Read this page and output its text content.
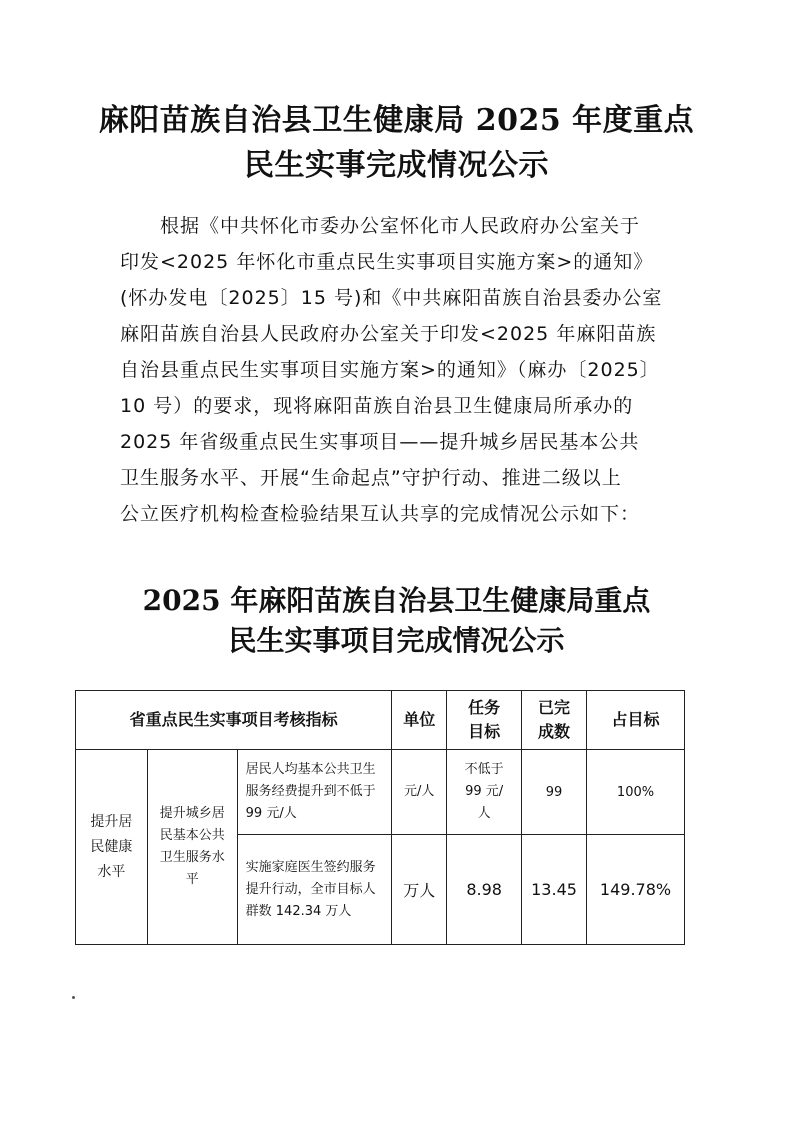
麻阳苗族自治县卫生健康局 2025 年度重点
民生实事完成情况公示
根据《中共怀化市委办公室怀化市人民政府办公室关于
印发<2025 年怀化市重点民生实事项目实施方案>的通知》
(怀办发电〔2025〕15 号)和《中共麻阳苗族自治县委办公室
麻阳苗族自治县人民政府办公室关于印发<2025 年麻阳苗族
自治县重点民生实事项目实施方案>的通知》（麻办〔2025〕
10 号）的要求，现将麻阳苗族自治县卫生健康局所承办的
2025 年省级重点民生实事项目——提升城乡居民基本公共
卫生服务水平、开展“生命起点”守护行动、推进二级以上
公立医疗机构检查检验结果互认共享的完成情况公示如下：
2025 年麻阳苗族自治县卫生健康局重点
民生实事项目完成情况公示
省重点民生实事项目考核指标			单位	任务目标	已完成数	占目标
提升居民健康水平	提升城乡居民基本公共卫生服务水平	居民人均基本公共卫生服务经费提升到不低于 99 元/人	元/人	不低于 99 元/人	99	100%
		实施家庭医生签约服务提升行动，全市目标人群数 142.34 万人	万人	8.98	13.45	149.78%
